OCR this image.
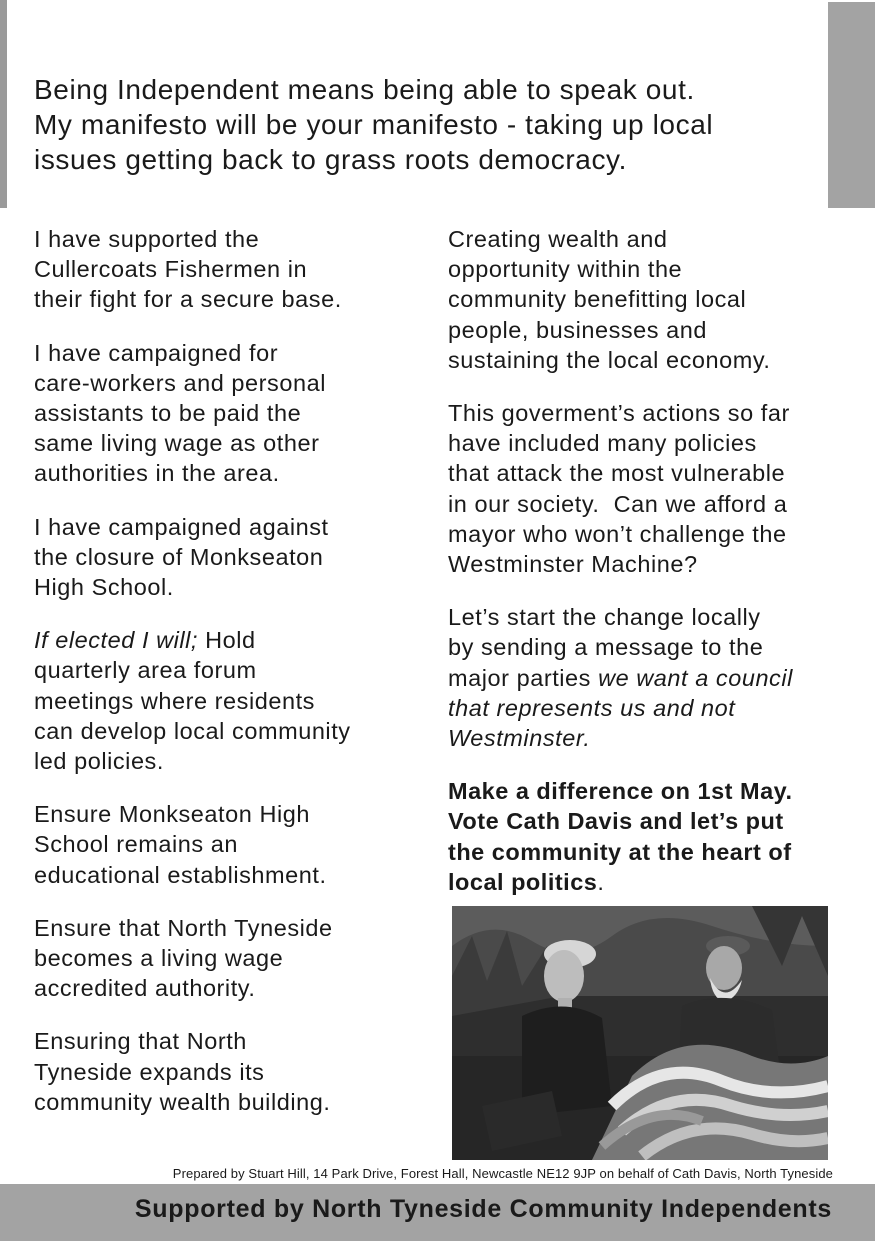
Being Independent means being able to speak out.
My manifesto will be your manifesto - taking up local
issues getting back to grass roots democracy.

I have supported the
Cullercoats Fishermen in
their fight for a secure base.

I have campaigned for
care-workers and personal
assistants to be paid the
same living wage as other
authorities in the area.

I have campaigned against
the closure of Monkseaton
High School.

If elected I will; Hold
quarterly area forum
meetings where residents
can develop local community
led policies.

Ensure Monkseaton High
School remains an
educational establishment.

Ensure that North Tyneside
becomes a living wage
accredited authority.

Ensuring that North
Tyneside expands its
community wealth building.

Creating wealth and
opportunity within the
community benefitting local
people, businesses and
sustaining the local economy.

This goverment’s actions so far
have included many policies
that attack the most vulnerable
in our society.  Can we afford a
mayor who won’t challenge the
Westminster Machine?

Let’s start the change locally
by sending a message to the
major parties we want a council
that represents us and not Westminster.

Make a difference on 1st May.
Vote Cath Davis and let’s put
the community at the heart of
local politics.

Prepared by Stuart Hill, 14 Park Drive, Forest Hall, Newcastle NE12 9JP on behalf of Cath Davis, North Tyneside
Supported by North Tyneside Community Independents
